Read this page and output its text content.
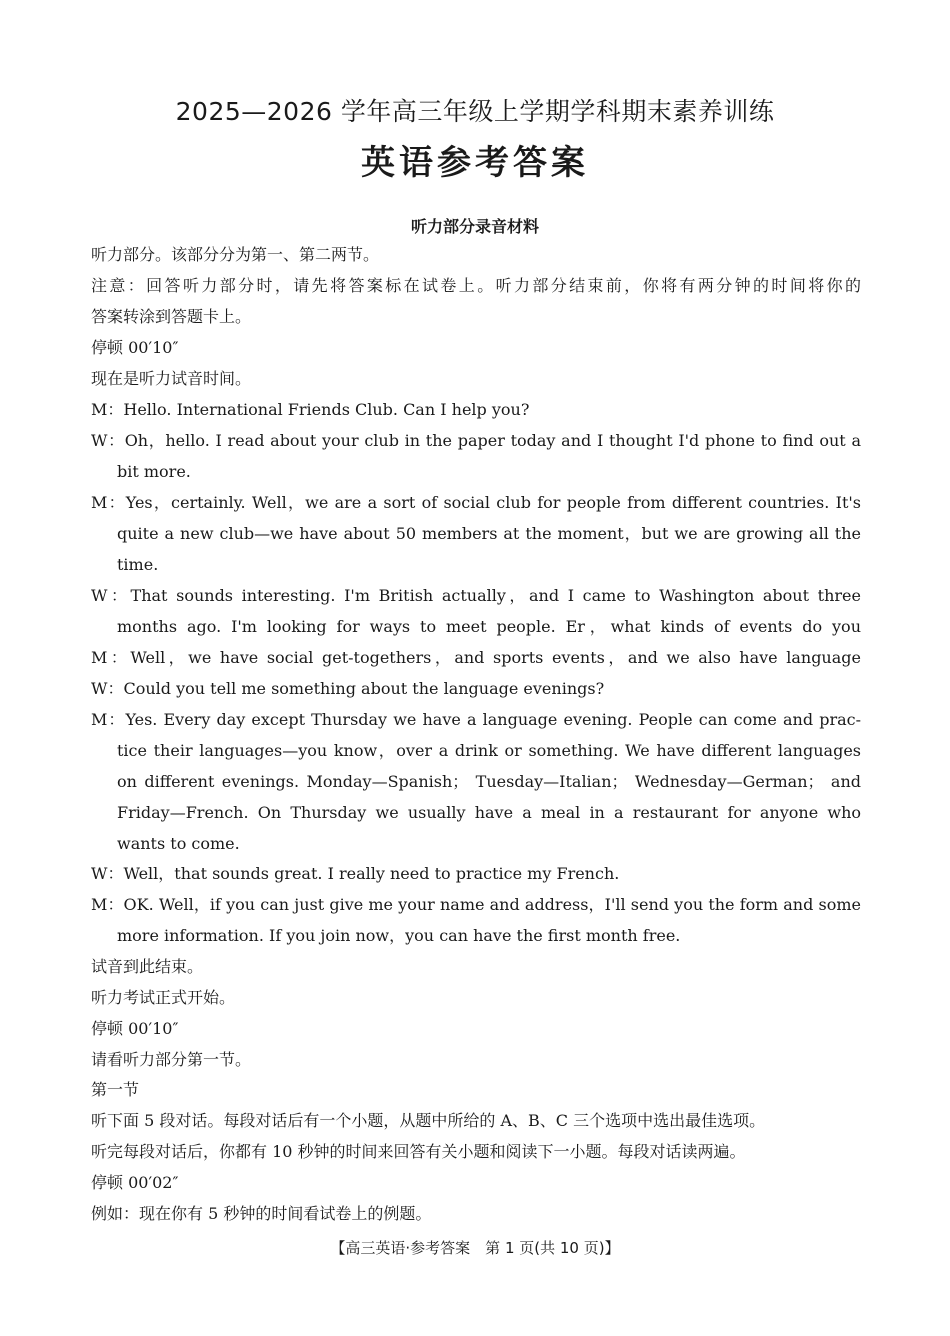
2025—2026 学年高三年级上学期学科期末素养训练
英语参考答案
听力部分录音材料

听力部分。该部分分为第一、第二两节。

注意：回答听力部分时，请先将答案标在试卷上。听力部分结束前，你将有两分钟的时间将你的

答案转涂到答题卡上。

停顿 00′10″

现在是听力试音时间。

M：Hello. International Friends Club. Can I help you?

W：Oh，hello. I read about your club in the paper today and I thought I'd phone to find out a

bit more.

M：Yes，certainly. Well，we are a sort of social club for people from different countries. It's

quite a new club—we have about 50 members at the moment，but we are growing all the

time.

W：That sounds interesting. I'm British actually，and I came to Washington about three

months ago. I'm looking for ways to meet people. Er，what kinds of events do you

M：Well，we have social get-togethers，and sports events，and we also have language

W：Could you tell me something about the language evenings?

M：Yes. Every day except Thursday we have a language evening. People can come and prac-

tice their languages—you know，over a drink or something. We have different languages

on different evenings. Monday—Spanish； Tuesday—Italian； Wednesday—German； and

Friday—French. On Thursday we usually have a meal in a restaurant for anyone who

wants to come.

W：Well，that sounds great. I really need to practice my French.

M：OK. Well，if you can just give me your name and address，I'll send you the form and some

more information. If you join now，you can have the first month free.

试音到此结束。

听力考试正式开始。

停顿 00′10″

请看听力部分第一节。

第一节

听下面 5 段对话。每段对话后有一个小题，从题中所给的 A、B、C 三个选项中选出最佳选项。

听完每段对话后，你都有 10 秒钟的时间来回答有关小题和阅读下一小题。每段对话读两遍。

停顿 00′02″

例如：现在你有 5 秒钟的时间看试卷上的例题。

【高三英语·参考答案　第 1 页(共 10 页)】
